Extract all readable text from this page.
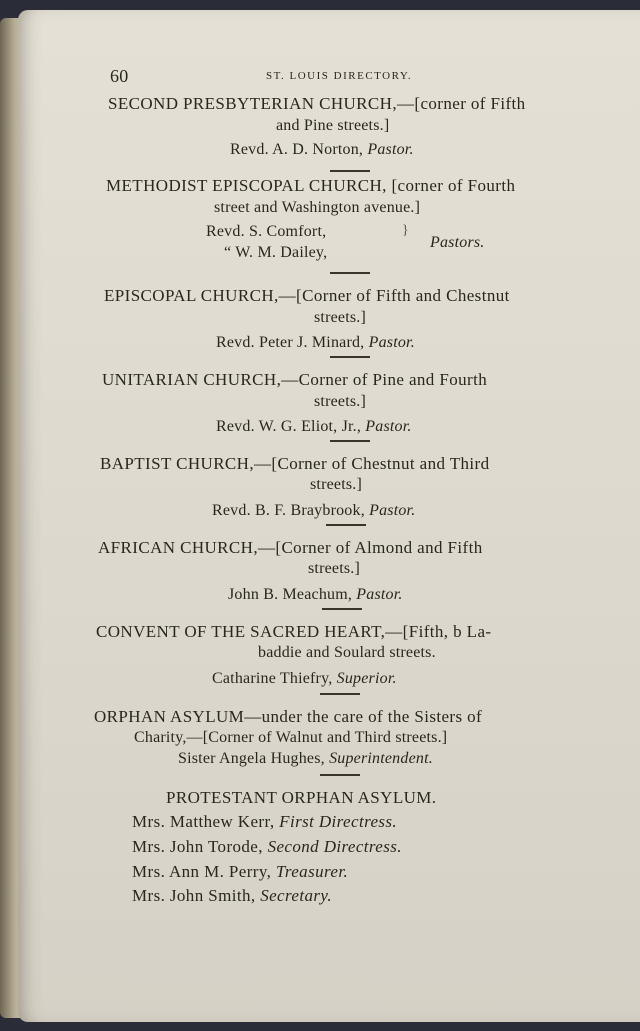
60	ST. LOUIS DIRECTORY.
SECOND PRESBYTERIAN CHURCH,—[corner of Fifth
and Pine streets.]
Revd. A. D. Norton, Pastor.
METHODIST EPISCOPAL CHURCH, [corner of Fourth
street and Washington avenue.]
Revd. S. Comfort,
“ W. M. Dailey,
}
Pastors.
EPISCOPAL CHURCH,—[Corner of Fifth and Chestnut
streets.]
Revd. Peter J. Minard, Pastor.
UNITARIAN CHURCH,—Corner of Pine and Fourth
streets.]
Revd. W. G. Eliot, Jr., Pastor.
BAPTIST CHURCH,—[Corner of Chestnut and Third
streets.]
Revd. B. F. Braybrook, Pastor.
AFRICAN CHURCH,—[Corner of Almond and Fifth
streets.]
John B. Meachum, Pastor.
CONVENT OF THE SACRED HEART,—[Fifth, b La-
baddie and Soulard streets.
Catharine Thiefry, Superior.
ORPHAN ASYLUM—under the care of the Sisters of
Charity,—[Corner of Walnut and Third streets.]
Sister Angela Hughes, Superintendent.
PROTESTANT ORPHAN ASYLUM.
Mrs. Matthew Kerr, First Directress.
Mrs. John Torode, Second Directress.
Mrs. Ann M. Perry, Treasurer.
Mrs. John Smith, Secretary.
